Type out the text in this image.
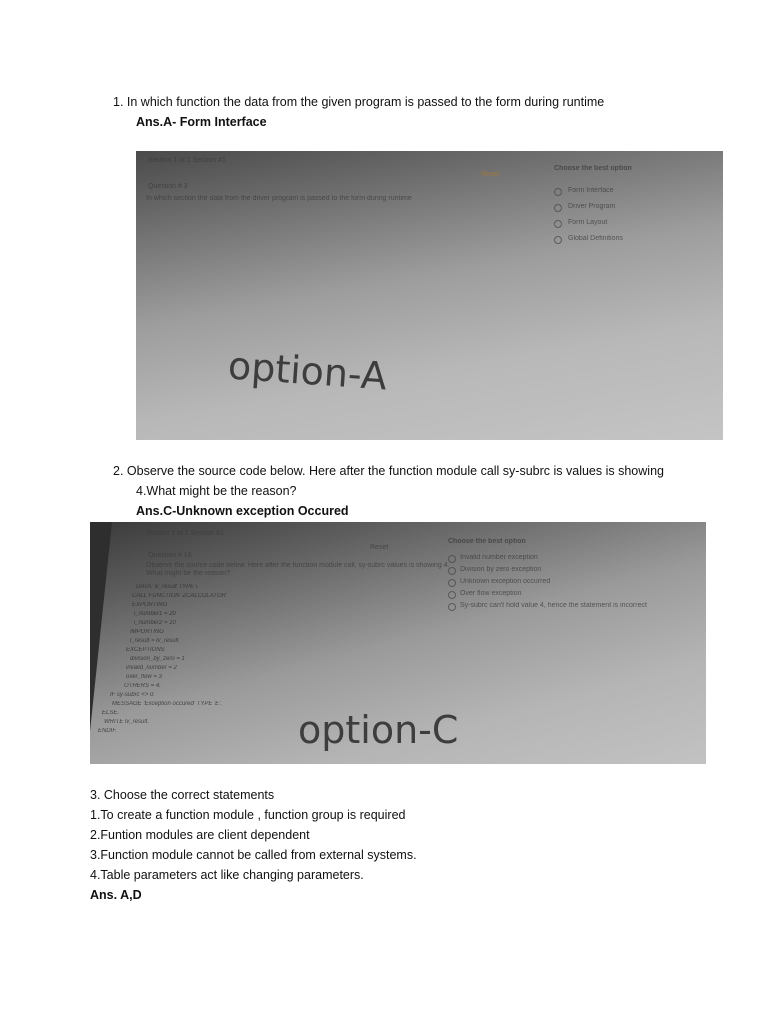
1. In which function the data from the given program is passed to the form during runtime
Ans.A- Form Interface
Section 1 of 1 Section #1
Reset
Question # 3
In which section the data from the driver program is passed to the form during runtime
Choose the best option
Form Interface
Driver Program
Form Layout
Global Definitions
option-A
2. Observe the source code below. Here after the function module call sy-subrc is values is showing
4.What might be the reason?
Ans.C-Unknown exception Occured
Section 1 of 1 Section #1
Reset
Question # 16
Observe the source code below. Here after the function module call, sy-subrc values is showing 4.
What might be the reason?
Choose the best option
Invalid number exception
Division by zero exception
Unknown exception occurred
Over flow exception
Sy-subrc can't hold value 4, hence the statement is incorrect
DATA: lv_result TYPE i.
CALL FUNCTION 'ZCALCULATOR'
EXPORTING
i_number1 = 20
i_number2 = 10
IMPORTING
l_result = lv_result
EXCEPTIONS
division_by_zero = 1
invalid_number = 2
over_flow = 3
OTHERS = 4.
IF sy-subrc <> 0.
MESSAGE 'Exception occured' TYPE 'E'.
ELSE.
WRITE lv_result.
ENDIF.	option-C
3. Choose the correct statements
1.To create a function module , function group is required
2.Funtion modules are client dependent
3.Function module cannot be called from external systems.
4.Table parameters act like changing parameters.
Ans. A,D
